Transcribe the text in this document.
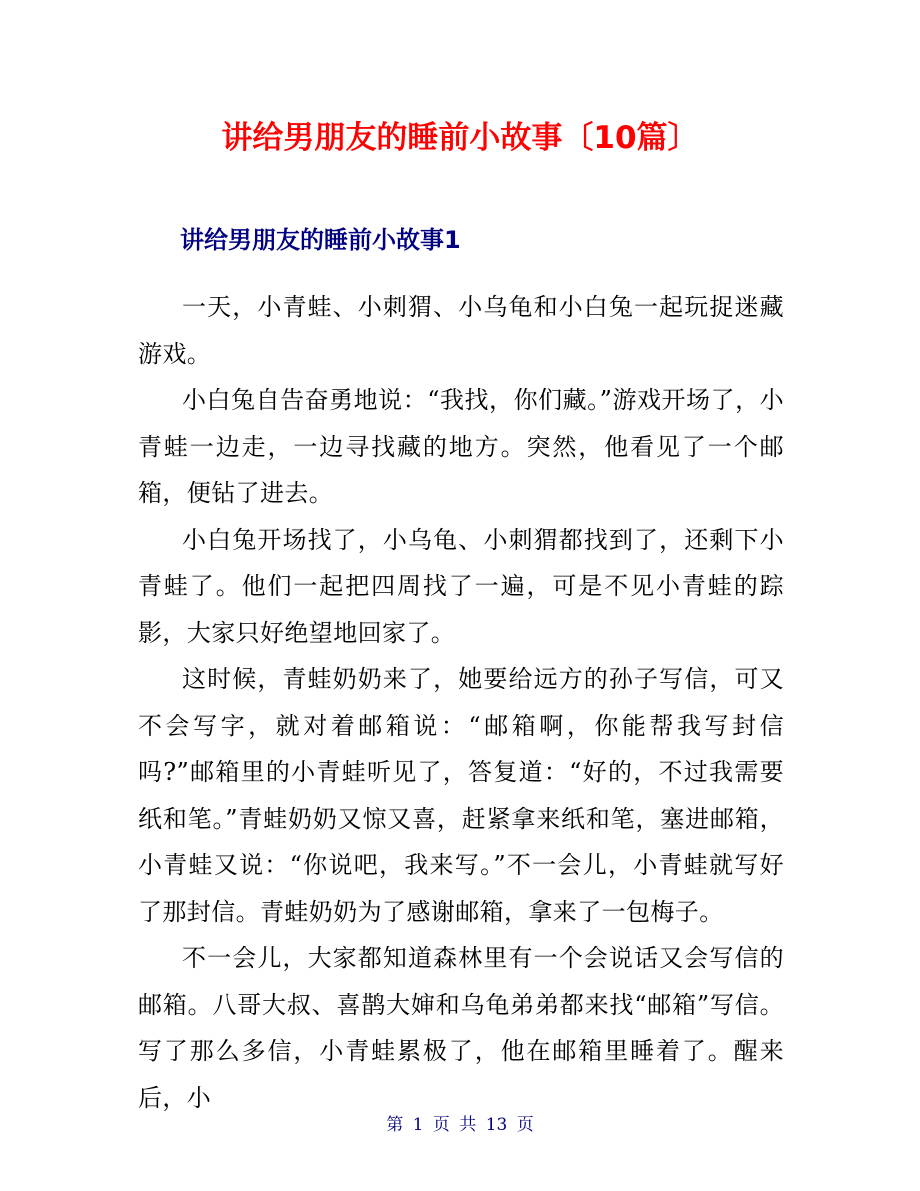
讲给男朋友的睡前小故事〔10篇〕
讲给男朋友的睡前小故事1

一天，小青蛙、小刺猬、小乌龟和小白兔一起玩捉迷藏游戏。

小白兔自告奋勇地说：“我找，你们藏。”游戏开场了，小青蛙一边走，一边寻找藏的地方。突然，他看见了一个邮箱，便钻了进去。

小白兔开场找了，小乌龟、小刺猬都找到了，还剩下小青蛙了。他们一起把四周找了一遍，可是不见小青蛙的踪影，大家只好绝望地回家了。

这时候，青蛙奶奶来了，她要给远方的孙子写信，可又不会写字，就对着邮箱说：“邮箱啊，你能帮我写封信吗?”邮箱里的小青蛙听见了，答复道：“好的，不过我需要纸和笔。”青蛙奶奶又惊又喜，赶紧拿来纸和笔，塞进邮箱，小青蛙又说：“你说吧，我来写。”不一会儿，小青蛙就写好了那封信。青蛙奶奶为了感谢邮箱，拿来了一包梅子。

不一会儿，大家都知道森林里有一个会说话又会写信的邮箱。八哥大叔、喜鹊大婶和乌龟弟弟都来找“邮箱”写信。写了那么多信，小青蛙累极了，他在邮箱里睡着了。醒来后，小

第 1 页 共 13 页
